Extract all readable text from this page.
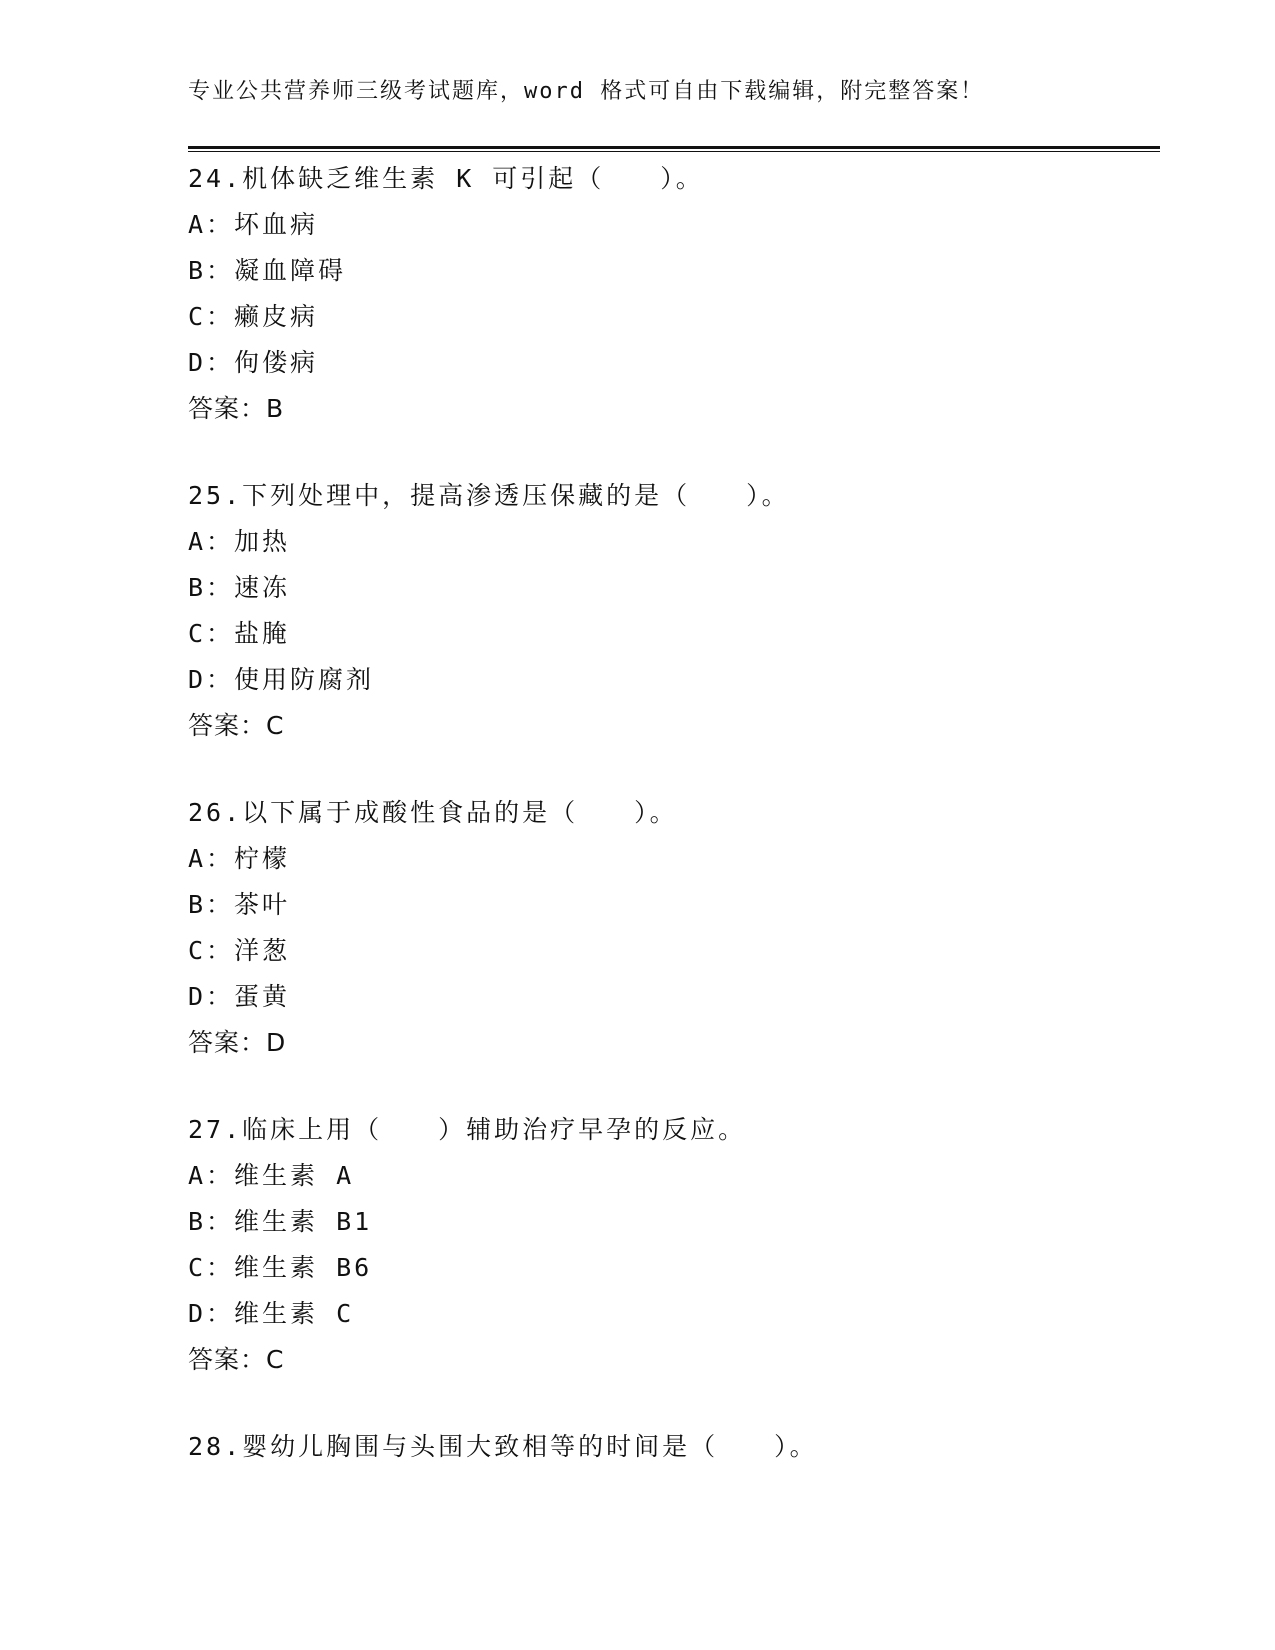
专业公共营养师三级考试题库，word 格式可自由下载编辑，附完整答案！
24.机体缺乏维生素 K 可引起（　　）。
A：坏血病
B：凝血障碍
C：癞皮病
D：佝偻病
答案：B
25.下列处理中，提高渗透压保藏的是（　　）。
A：加热
B：速冻
C：盐腌
D：使用防腐剂
答案：C
26.以下属于成酸性食品的是（　　）。
A：柠檬
B：茶叶
C：洋葱
D：蛋黄
答案：D
27.临床上用（　　）辅助治疗早孕的反应。
A：维生素 A
B：维生素 B1
C：维生素 B6
D：维生素 C
答案：C
28.婴幼儿胸围与头围大致相等的时间是（　　）。
